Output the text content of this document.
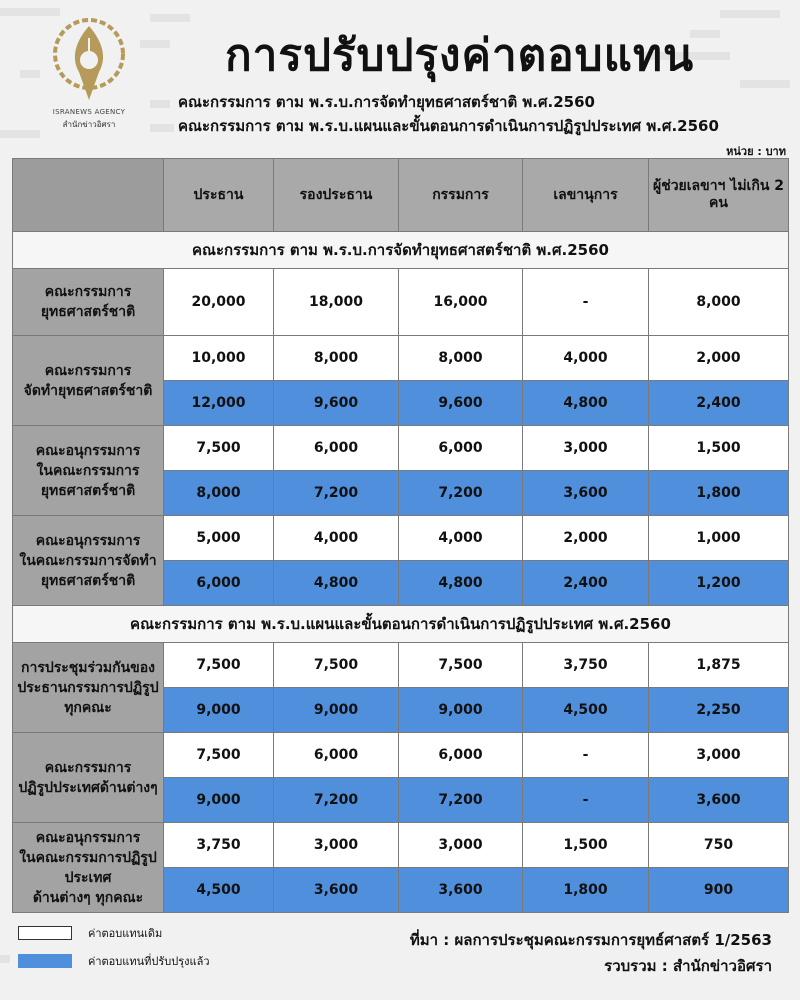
ISRANEWS AGENCY
สำนักข่าวอิศรา
การปรับปรุงค่าตอบแทน
คณะกรรมการ ตาม พ.ร.บ.การจัดทำยุทธศาสตร์ชาติ พ.ศ.2560
คณะกรรมการ ตาม พ.ร.บ.แผนและขั้นตอนการดำเนินการปฏิรูปประเทศ พ.ศ.2560
หน่วย : บาท
	ประธาน	รองประธาน	กรรมการ	เลขานุการ	ผู้ช่วยเลขาฯ ไม่เกิน 2 คน
คณะกรรมการ ตาม พ.ร.บ.การจัดทำยุทธศาสตร์ชาติ พ.ศ.2560					

คณะกรรมการยุทธศาสตร์ชาติ	20,000	18,000	16,000	-	8,000

คณะกรรมการ
จัดทำยุทธศาสตร์ชาติ	10,000	8,000	8,000	4,000	2,000
	12,000	9,600	9,600	4,800	2,400

คณะอนุกรรมการ
ในคณะกรรมการ
ยุทธศาสตร์ชาติ	7,500	6,000	6,000	3,000	1,500
	8,000	7,200	7,200	3,600	1,800

คณะอนุกรรมการ
ในคณะกรรมการจัดทำ
ยุทธศาสตร์ชาติ	5,000	4,000	4,000	2,000	1,000
	6,000	4,800	4,800	2,400	1,200
คณะกรรมการ ตาม พ.ร.บ.แผนและขั้นตอนการดำเนินการปฏิรูปประเทศ พ.ศ.2560					

การประชุมร่วมกันของ
ประธานกรรมการปฏิรูปทุกคณะ	7,500	7,500	7,500	3,750	1,875
	9,000	9,000	9,000	4,500	2,250

คณะกรรมการ
ปฏิรูปประเทศด้านต่างๆ	7,500	6,000	6,000	-	3,000
	9,000	7,200	7,200	-	3,600

คณะอนุกรรมการ
ในคณะกรรมการปฏิรูปประเทศ
ด้านต่างๆ ทุกคณะ	3,750	3,000	3,000	1,500	750
	4,500	3,600	3,600	1,800	900
ค่าตอบแทนเดิม
ค่าตอบแทนที่ปรับปรุงแล้ว
ที่มา : ผลการประชุมคณะกรรมการยุทธ์ศาสตร์ 1/2563
รวบรวม : สำนักข่าวอิศรา
